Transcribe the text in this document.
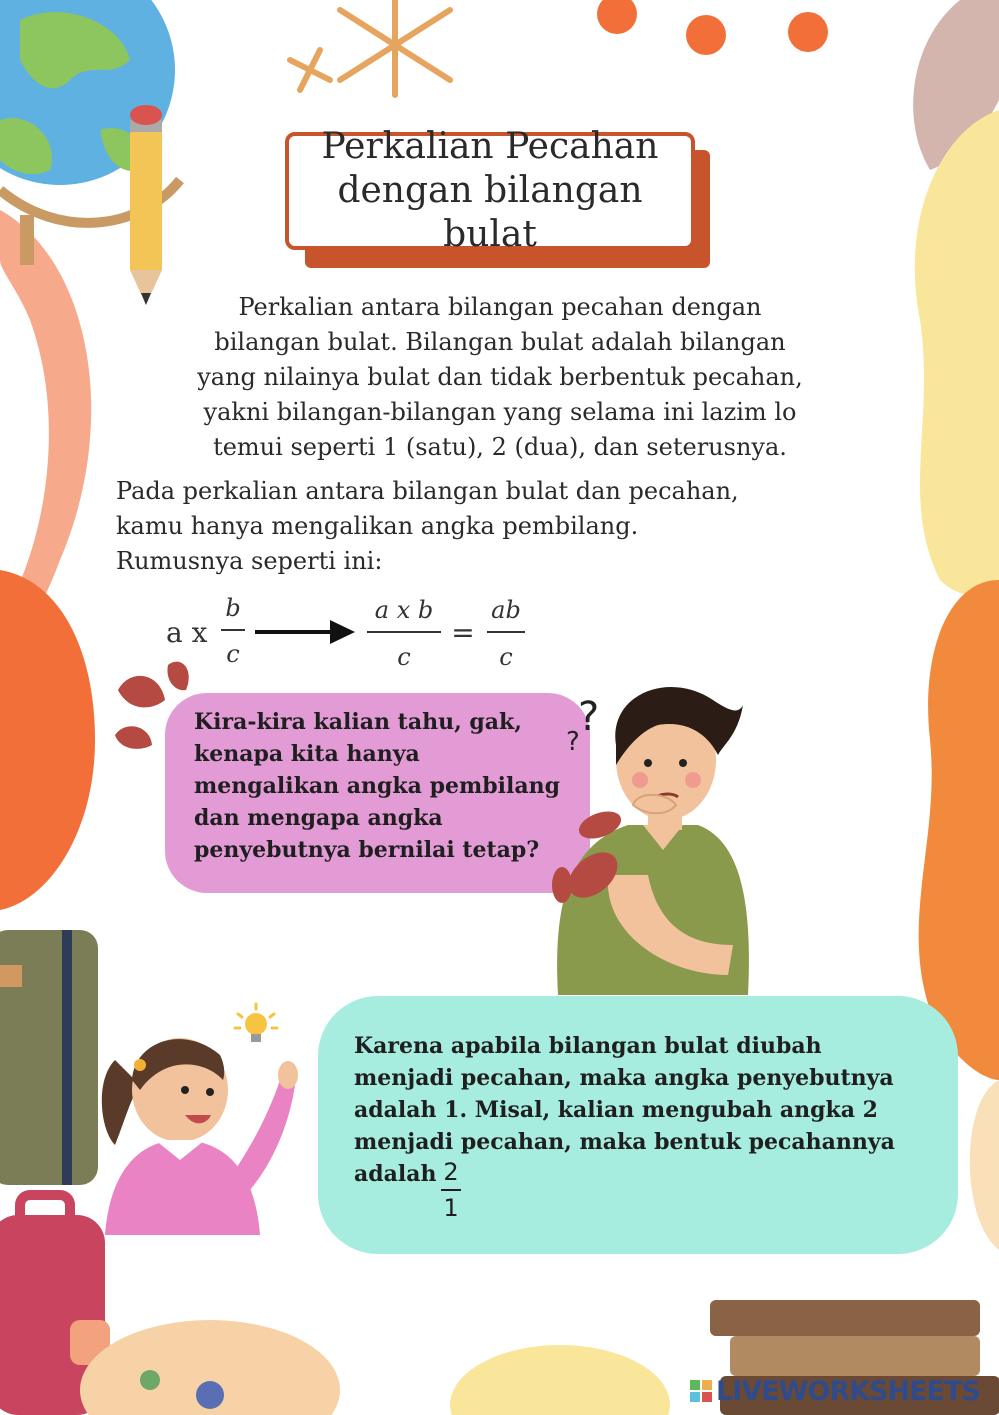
Perkalian Pecahan
dengan bilangan bulat
Perkalian antara bilangan pecahan dengan
bilangan bulat. Bilangan bulat adalah bilangan
yang nilainya bulat dan tidak berbentuk pecahan,
yakni bilangan-bilangan yang selama ini lazim lo
temui seperti 1 (satu), 2 (dua), dan seterusnya.
Pada perkalian antara bilangan bulat dan pecahan,
kamu hanya mengalikan angka pembilang.
Rumusnya seperti ini:
a x
b
c
a x b
c
=
ab
c
Kira-kira kalian tahu, gak,
kenapa kita hanya
mengalikan angka pembilang
dan mengapa angka
penyebutnya bernilai tetap?
?
?
Karena apabila bilangan bulat diubah
menjadi pecahan, maka angka penyebutnya
adalah 1. Misal, kalian mengubah angka 2
menjadi pecahan, maka bentuk pecahannya
adalah 2
1
LIVEWORKSHEETS
